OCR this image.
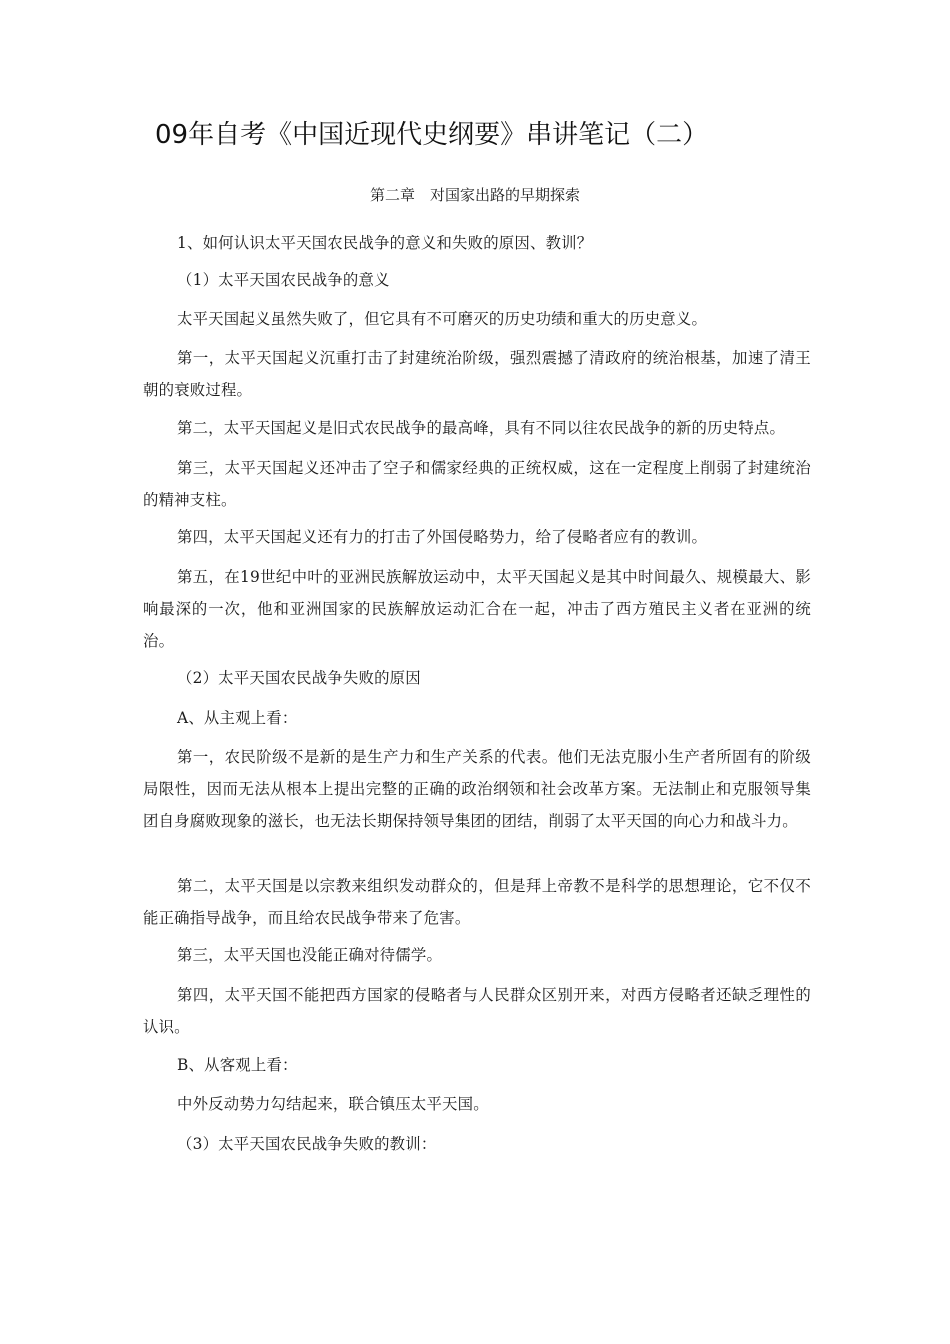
09年自考《中国近现代史纲要》串讲笔记（二）
第二章　对国家出路的早期探索
1、如何认识太平天国农民战争的意义和失败的原因、教训？
（1）太平天国农民战争的意义
太平天国起义虽然失败了，但它具有不可磨灭的历史功绩和重大的历史意义。
第一，太平天国起义沉重打击了封建统治阶级，强烈震撼了清政府的统治根基，加速了清王朝的衰败过程。
第二，太平天国起义是旧式农民战争的最高峰，具有不同以往农民战争的新的历史特点。
第三，太平天国起义还冲击了空子和儒家经典的正统权威，这在一定程度上削弱了封建统治的精神支柱。
第四，太平天国起义还有力的打击了外国侵略势力，给了侵略者应有的教训。
第五，在19世纪中叶的亚洲民族解放运动中，太平天国起义是其中时间最久、规模最大、影响最深的一次，他和亚洲国家的民族解放运动汇合在一起，冲击了西方殖民主义者在亚洲的统治。
（2）太平天国农民战争失败的原因
A、从主观上看：
第一，农民阶级不是新的是生产力和生产关系的代表。他们无法克服小生产者所固有的阶级局限性，因而无法从根本上提出完整的正确的政治纲领和社会改革方案。无法制止和克服领导集团自身腐败现象的滋长，也无法长期保持领导集团的团结，削弱了太平天国的向心力和战斗力。
第二，太平天国是以宗教来组织发动群众的，但是拜上帝教不是科学的思想理论，它不仅不能正确指导战争，而且给农民战争带来了危害。
第三，太平天国也没能正确对待儒学。
第四，太平天国不能把西方国家的侵略者与人民群众区别开来，对西方侵略者还缺乏理性的认识。
B、从客观上看：
中外反动势力勾结起来，联合镇压太平天国。
（3）太平天国农民战争失败的教训：
